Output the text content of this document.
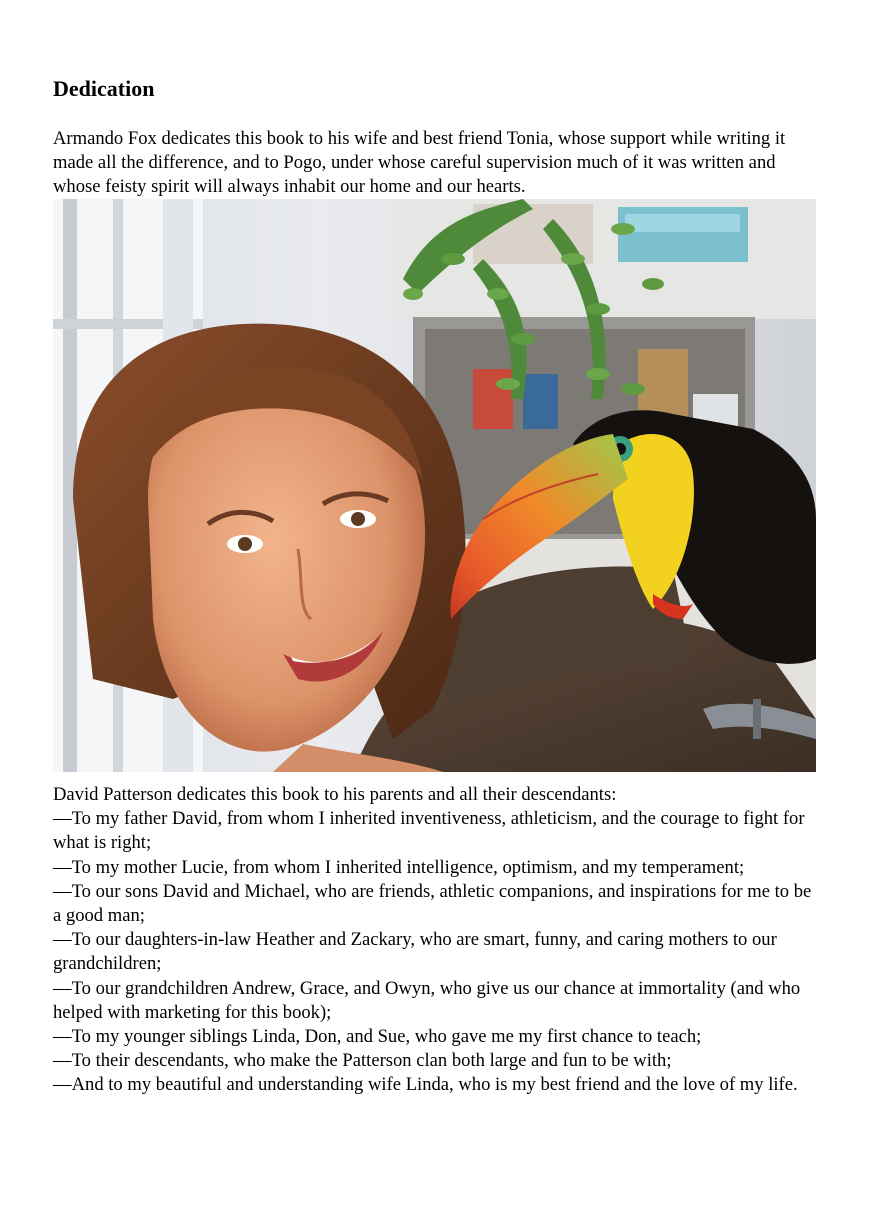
Dedication

Armando Fox dedicates this book to his wife and best friend Tonia, whose support while writing it made all the difference, and to Pogo, under whose careful supervision much of it was written and whose feisty spirit will always inhabit our home and our hearts.

David Patterson dedicates this book to his parents and all their descendants:
—To my father David, from whom I inherited inventiveness, athleticism, and the courage to fight for what is right;
—To my mother Lucie, from whom I inherited intelligence, optimism, and my temperament;
—To our sons David and Michael, who are friends, athletic companions, and inspirations for me to be a good man;
—To our daughters-in-law Heather and Zackary, who are smart, funny, and caring mothers to our grandchildren;
—To our grandchildren Andrew, Grace, and Owyn, who give us our chance at immortality (and who helped with marketing for this book);
—To my younger siblings Linda, Don, and Sue, who gave me my first chance to teach;
—To their descendants, who make the Patterson clan both large and fun to be with;
—And to my beautiful and understanding wife Linda, who is my best friend and the love of my life.
